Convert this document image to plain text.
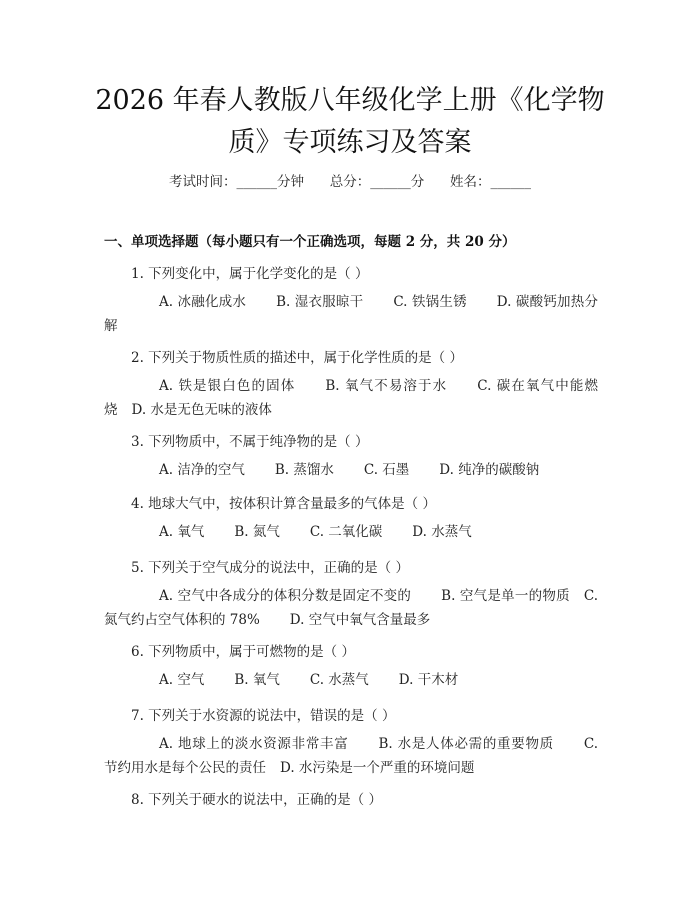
2026 年春人教版八年级化学上册《化学物
质》专项练习及答案
考试时间：______分钟      总分：______分      姓名：______
一、单项选择题（每小题只有一个正确选项，每题 2 分，共 20 分）
1. 下列变化中，属于化学变化的是（ ）
A. 冰融化成水 B. 湿衣服晾干 C. 铁锅生锈 D. 碳酸钙加热分解
2. 下列关于物质性质的描述中，属于化学性质的是（ ）
A. 铁是银白色的固体 B. 氧气不易溶于水 C. 碳在氧气中能燃烧 D. 水是无色无味的液体
3. 下列物质中，不属于纯净物的是（ ）
A. 洁净的空气 B. 蒸馏水 C. 石墨 D. 纯净的碳酸钠
4. 地球大气中，按体积计算含量最多的气体是（ ）
A. 氧气 B. 氮气 C. 二氧化碳 D. 水蒸气
5. 下列关于空气成分的说法中，正确的是（ ）
A. 空气中各成分的体积分数是固定不变的 B. 空气是单一的物质 C. 氮气约占空气体积的 78% D. 空气中氧气含量最多
6. 下列物质中，属于可燃物的是（ ）
A. 空气 B. 氧气 C. 水蒸气 D. 干木材
7. 下列关于水资源的说法中，错误的是（ ）
A. 地球上的淡水资源非常丰富 B. 水是人体必需的重要物质 C. 节约用水是每个公民的责任 D. 水污染是一个严重的环境问题
8. 下列关于硬水的说法中，正确的是（ ）
